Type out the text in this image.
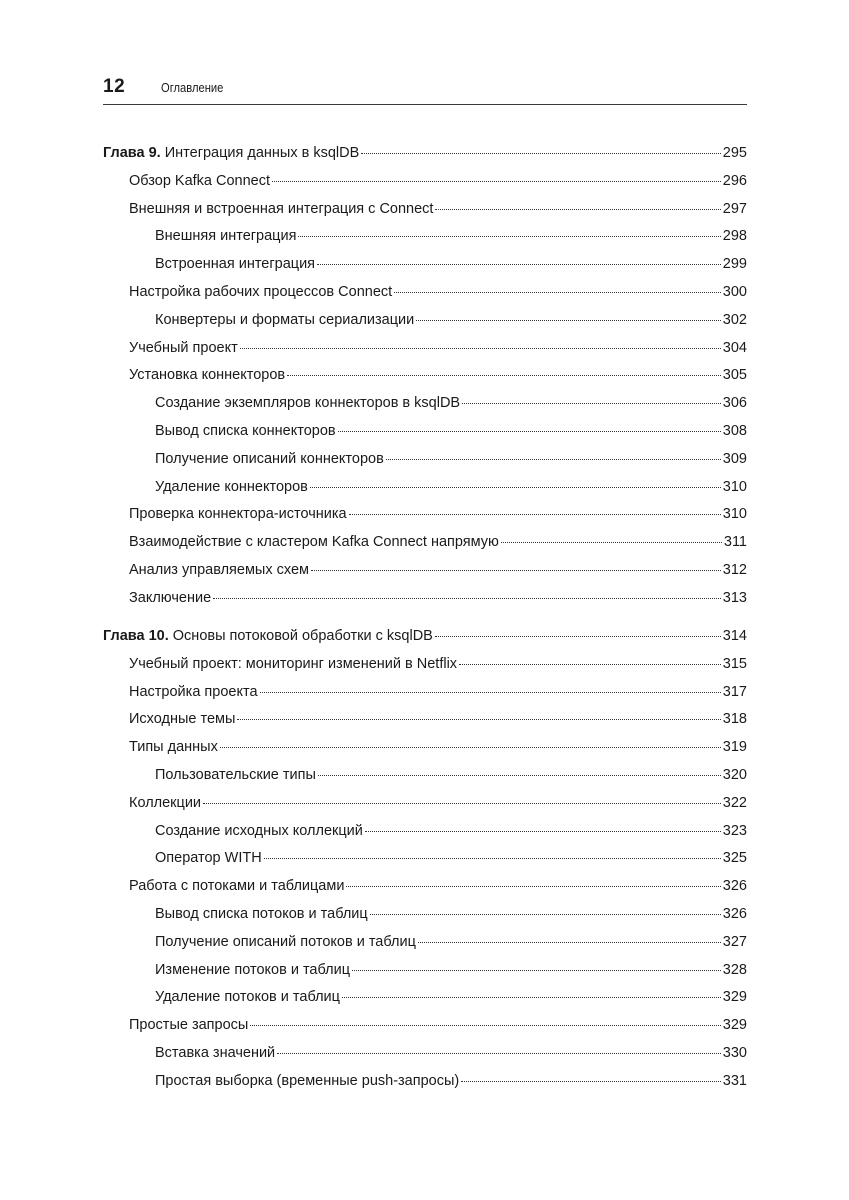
12	Оглавление
Глава 9. Интеграция данных в ksqlDB	295
Обзор Kafka Connect	296
Внешняя и встроенная интеграция с Connect	297
Внешняя интеграция	298
Встроенная интеграция	299
Настройка рабочих процессов Connect	300
Конвертеры и форматы сериализации	302
Учебный проект	304
Установка коннекторов	305
Создание экземпляров коннекторов в ksqlDB	306
Вывод списка коннекторов	308
Получение описаний коннекторов	309
Удаление коннекторов	310
Проверка коннектора-источника	310
Взаимодействие с кластером Kafka Connect напрямую	311
Анализ управляемых схем	312
Заключение	313
Глава 10. Основы потоковой обработки с ksqlDB	314
Учебный проект: мониторинг изменений в Netflix	315
Настройка проекта	317
Исходные темы	318
Типы данных	319
Пользовательские типы	320
Коллекции	322
Создание исходных коллекций	323
Оператор WITH	325
Работа с потоками и таблицами	326
Вывод списка потоков и таблиц	326
Получение описаний потоков и таблиц	327
Изменение потоков и таблиц	328
Удаление потоков и таблиц	329
Простые запросы	329
Вставка значений	330
Простая выборка (временные push-запросы)	331
